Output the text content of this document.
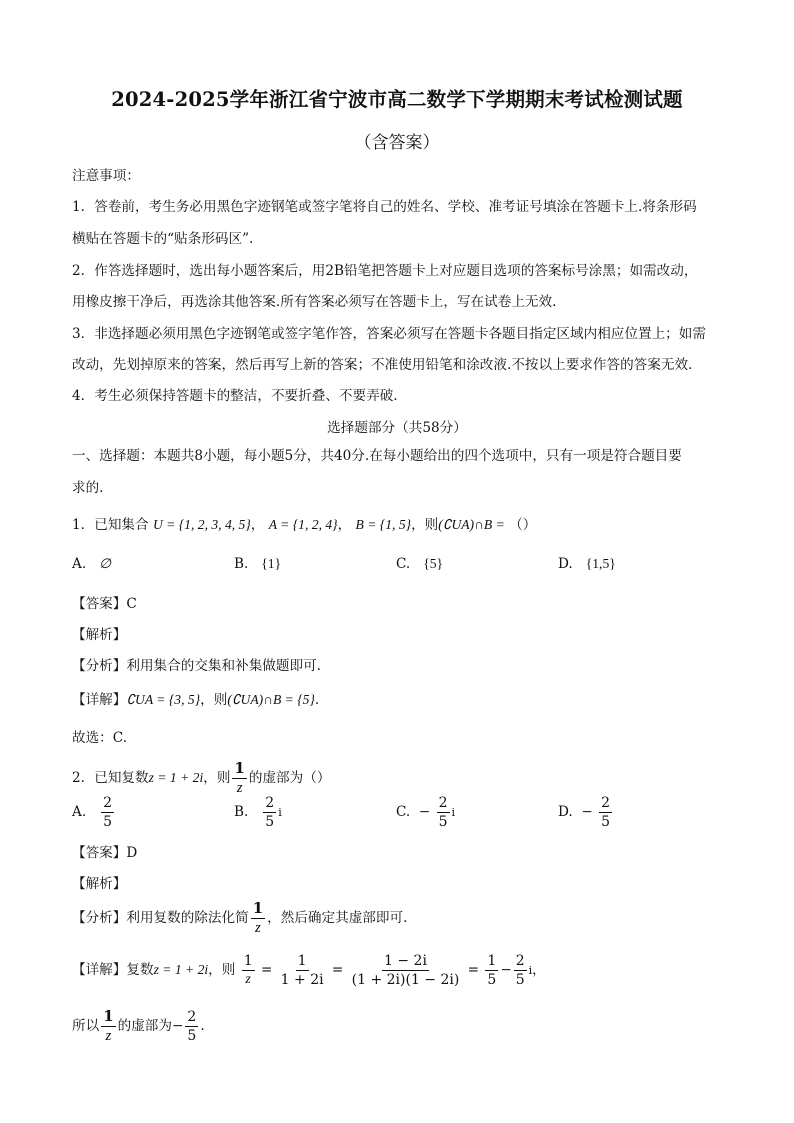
2024-2025学年浙江省宁波市高二数学下学期期末考试检测试题
（含答案）
注意事项：
1．答卷前，考生务必用黑色字迹钢笔或签字笔将自己的姓名、学校、准考证号填涂在答题卡上.将条形码
横贴在答题卡的“贴条形码区”.
2．作答选择题时，选出每小题答案后，用2B铅笔把答题卡上对应题目选项的答案标号涂黑；如需改动，
用橡皮擦干净后，再选涂其他答案.所有答案必须写在答题卡上，写在试卷上无效.
3．非选择题必须用黑色字迹钢笔或签字笔作答，答案必须写在答题卡各题目指定区域内相应位置上；如需
改动，先划掉原来的答案，然后再写上新的答案；不准使用铅笔和涂改液.不按以上要求作答的答案无效.
4．考生必须保持答题卡的整洁，不要折叠、不要弄破.
选择题部分（共58分）
一、选择题：本题共8小题，每小题5分，共40分.在每小题给出的四个选项中，只有一项是符合题目要
求的.
1．已知集合 U = {1, 2, 3, 4, 5}， A = {1, 2, 4}， B = {1, 5}，则(∁UA)∩B = （）
A. ∅	B. {1}	C. {5}	D. {1,5}
【答案】C
【解析】
【分析】利用集合的交集和补集做题即可.
【详解】∁UA = {3, 5}，则(∁UA)∩B = {5}.
故选：C.
2．已知复数z = 1 + 2i，则 $\frac{1}{z}$ 的虚部为（）
A. $\frac{2}{5}$	B. $\frac{2}{5}$ i	C. − $\frac{2}{5}$ i	D. − $\frac{2}{5}$
【答案】D
【解析】
【分析】利用复数的除法化简 $\frac{1}{z}$ ，然后确定其虚部即可.
【详解】复数z = 1 + 2i，则 $\frac{1}{z} = \frac{1}{1 + 2i} = \frac{1 - 2i}{(1 + 2i)(1 - 2i)} = \frac{1}{5} - \frac{2}{5}$ i，
所以 $\frac{1}{z}$ 的虚部为− $\frac{2}{5}$ .
